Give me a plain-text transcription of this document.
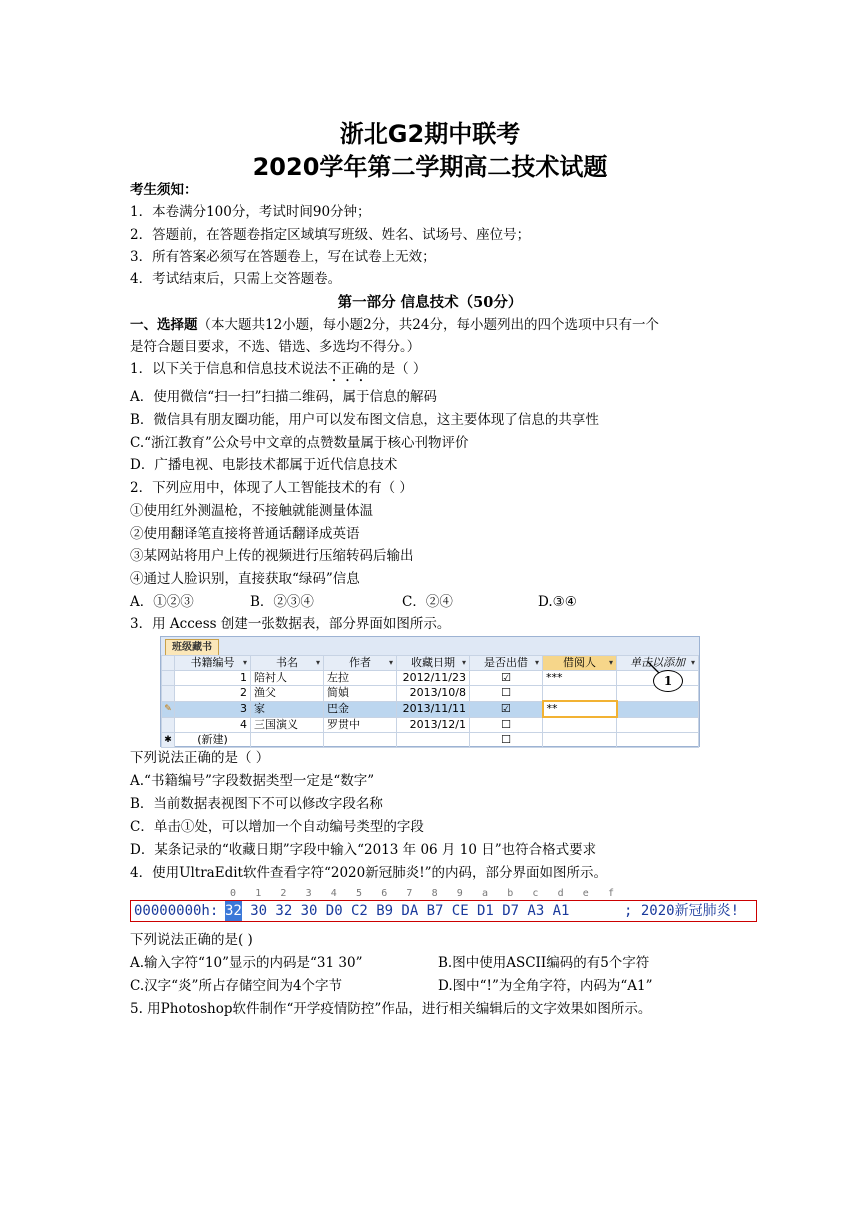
浙北G2期中联考
2020学年第二学期高二技术试题
考生须知：
1．本卷满分100分，考试时间90分钟；
2．答题前，在答题卷指定区域填写班级、姓名、试场号、座位号；
3．所有答案必须写在答题卷上，写在试卷上无效；
4．考试结束后，只需上交答题卷。
第一部分 信息技术（50分）
一、选择题（本大题共12小题，每小题2分，共24分，每小题列出的四个选项中只有一个
是符合题目要求，不选、错选、多选均不得分。）
1．以下关于信息和信息技术说法不正确的是（ ）
A．使用微信“扫一扫”扫描二维码，属于信息的解码
B．微信具有朋友圈功能，用户可以发布图文信息，这主要体现了信息的共享性
C.“浙江教育”公众号中文章的点赞数量属于核心刊物评价
D．广播电视、电影技术都属于近代信息技术
2．下列应用中，体现了人工智能技术的有（ ）
①使用红外测温枪，不接触就能测量体温
②使用翻译笔直接将普通话翻译成英语
③某网站将用户上传的视频进行压缩转码后输出
④通过人脸识别，直接获取“绿码”信息
A．①②③	B．②③④	C．②④	D.③④
3．用 Access 创建一张数据表，部分界面如图所示。
班级藏书
	书籍编号 ▾	书名 ▾	作者 ▾	收藏日期 ▾	是否出借 ▾	借阅人 ▾	单击以添加 ▾

	1	陪衬人	左拉	2012/11/23	☑	***	
	2	渔父	简媜	2013/10/8	☐		
✎	3	家	巴金	2013/11/11	☑	**	
	4	三国演义	罗贯中	2013/12/1	☐		
✱	(新建)				☐		
1
下列说法正确的是（ ）
A.“书籍编号”字段数据类型一定是“数字”
B．当前数据表视图下不可以修改字段名称
C．单击①处，可以增加一个自动编号类型的字段
D．某条记录的“收藏日期”字段中输入“2013 年 06 月 10 日”也符合格式要求
4．使用UltraEdit软件查看字符“2020新冠肺炎!”的内码，部分界面如图所示。
0 1 2 3 4 5 6 7 8 9 a b c d e f
00000000h: 32 30 32 30 D0 C2 B9 DA B7 CE D1 D7 A3 A1	; 2020新冠肺炎!
下列说法正确的是( )
A.输入字符“10”显示的内码是“31 30”	B.图中使用ASCII编码的有5个字符
C.汉字“炎”所占存储空间为4个字节	D.图中“!”为全角字符，内码为“A1”
5. 用Photoshop软件制作“开学疫情防控”作品，进行相关编辑后的文字效果如图所示。
